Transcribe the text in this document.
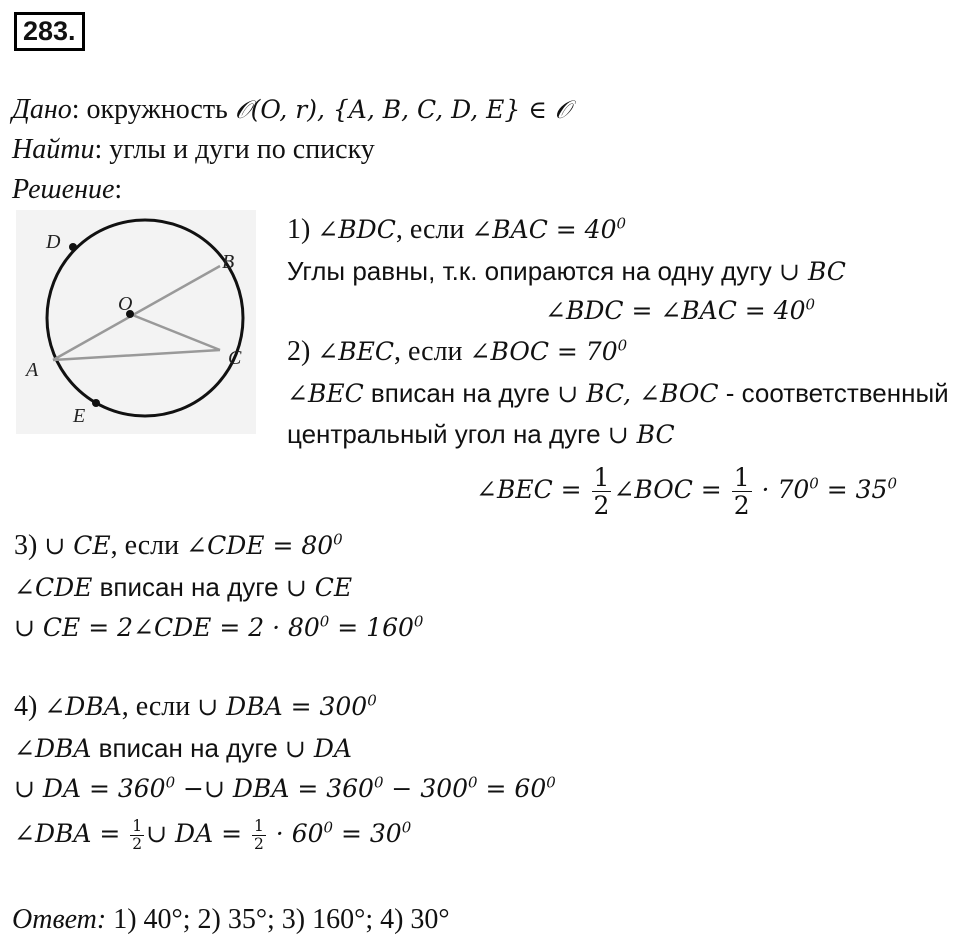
283.
Дано: окружность 𝒪(O, r), {A, B, C, D, E} ∈ 𝒪
Найти: углы и дуги по списку
Решение:
D
B
O
A
C
E
1) ∠BDC, если ∠BAC = $40^0$
Углы равны, т.к. опираются на одну дугу ∪ BC
∠BDC = ∠BAC = $40^0$
2) ∠BEC, если ∠BOC = $70^0$
∠BEC вписан на дуге ∪ BC, ∠BOC - соответственный
центральный угол на дуге ∪ BC
∠BEC = $\frac{1}{2}$ ∠BOC = $\frac{1}{2} \cdot 70^0 = 35^0$
3) ∪ CE, если ∠CDE = $80^0$
∠CDE вписан на дуге ∪ CE
∪ CE = 2∠CDE = $2 \cdot 80^0 = 160^0$
4) ∠DBA, если ∪ DBA = $300^0$
∠DBA вписан на дуге ∪ DA
∪ DA = $360^0$ −∪ DBA = $360^0 - 300^0 = 60^0$
∠DBA = $\frac{1}{2}$ ∪ DA = $\frac{1}{2} \cdot 60^0 = 30^0$
Ответ: 1) 40°; 2) 35°; 3) 160°; 4) 30°
